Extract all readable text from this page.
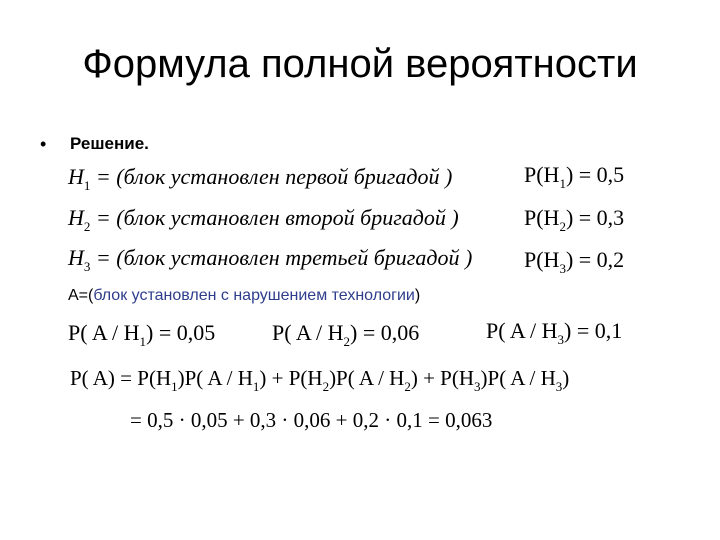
Формула полной вероятности
• Решение.
$H_1$ = (блок установлен первой бригадой )
$H_2$ = (блок установлен второй бригадой )
$H_3$ = (блок установлен третьей бригадой )
$P(H_1) = 0,5$
$P(H_2) = 0,3$
$P(H_3) = 0,2$
A=(блок установлен с нарушением технологии)
P( $A / H_1) = 0,05$	P( $A / H_2) = 0,06$	P( $A / H_3) = 0,1$
P( $A) = P(H_1)P$( $A / H_1) + P(H_2)P$( $A / H_2) + P(H_3)P$( A / $H_3$)
= 0,5 · 0,05 + 0,3 · 0,06 + 0,2 · 0,1 = 0,063
